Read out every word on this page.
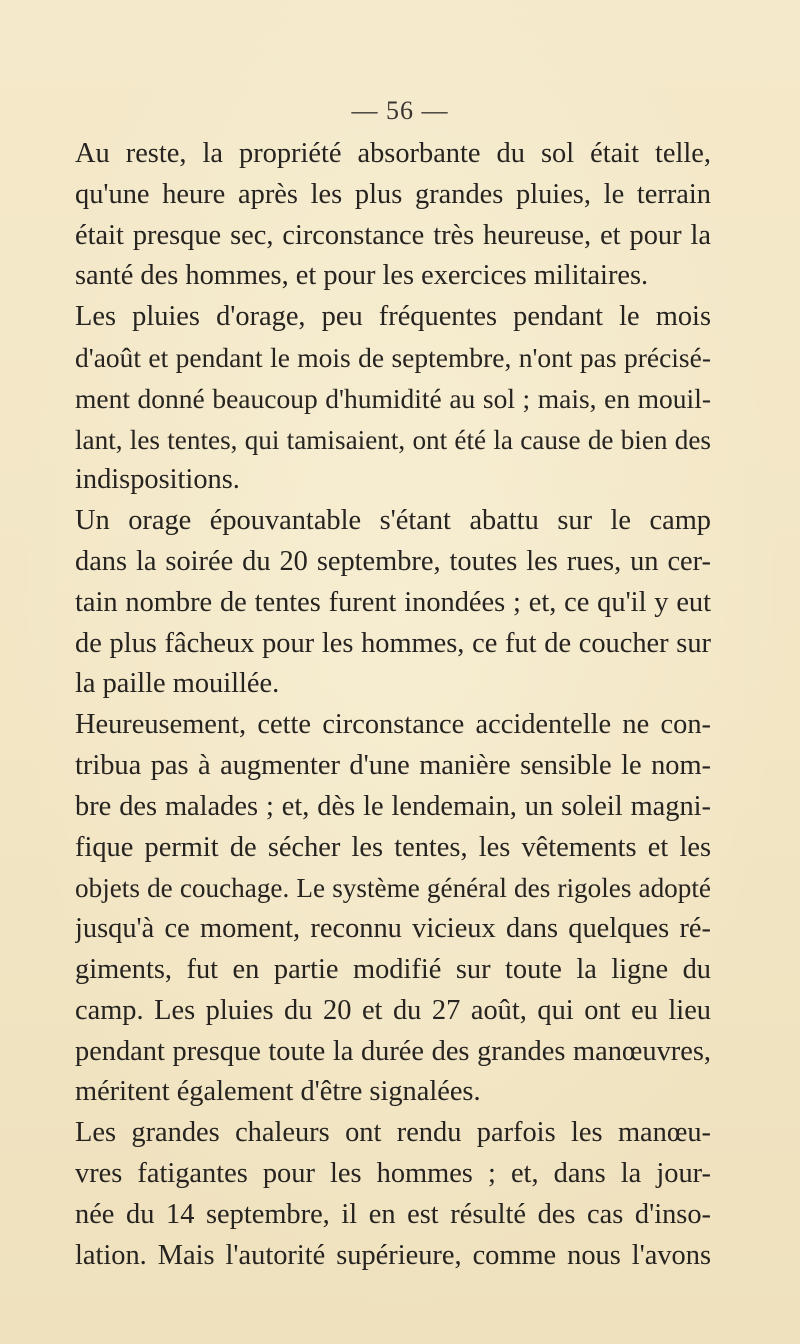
— 56 —

Au reste, la propriété absorbante du sol était telle,
qu'une heure après les plus grandes pluies, le terrain
était presque sec, circonstance très heureuse, et pour la
santé des hommes, et pour les exercices militaires.

Les pluies d'orage, peu fréquentes pendant le mois
d'août et pendant le mois de septembre, n'ont pas précisé-
ment donné beaucoup d'humidité au sol ; mais, en mouil-
lant, les tentes, qui tamisaient, ont été la cause de bien des
indispositions.

Un orage épouvantable s'étant abattu sur le camp
dans la soirée du 20 septembre, toutes les rues, un cer-
tain nombre de tentes furent inondées ; et, ce qu'il y eut
de plus fâcheux pour les hommes, ce fut de coucher sur
la paille mouillée.

Heureusement, cette circonstance accidentelle ne con-
tribua pas à augmenter d'une manière sensible le nom-
bre des malades ; et, dès le lendemain, un soleil magni-
fique permit de sécher les tentes, les vêtements et les
objets de couchage. Le système général des rigoles adopté
jusqu'à ce moment, reconnu vicieux dans quelques ré-
giments, fut en partie modifié sur toute la ligne du
camp. Les pluies du 20 et du 27 août, qui ont eu lieu
pendant presque toute la durée des grandes manœuvres,
méritent également d'être signalées.

Les grandes chaleurs ont rendu parfois les manœu-
vres fatigantes pour les hommes ; et, dans la jour-
née du 14 septembre, il en est résulté des cas d'inso-
lation. Mais l'autorité supérieure, comme nous l'avons
